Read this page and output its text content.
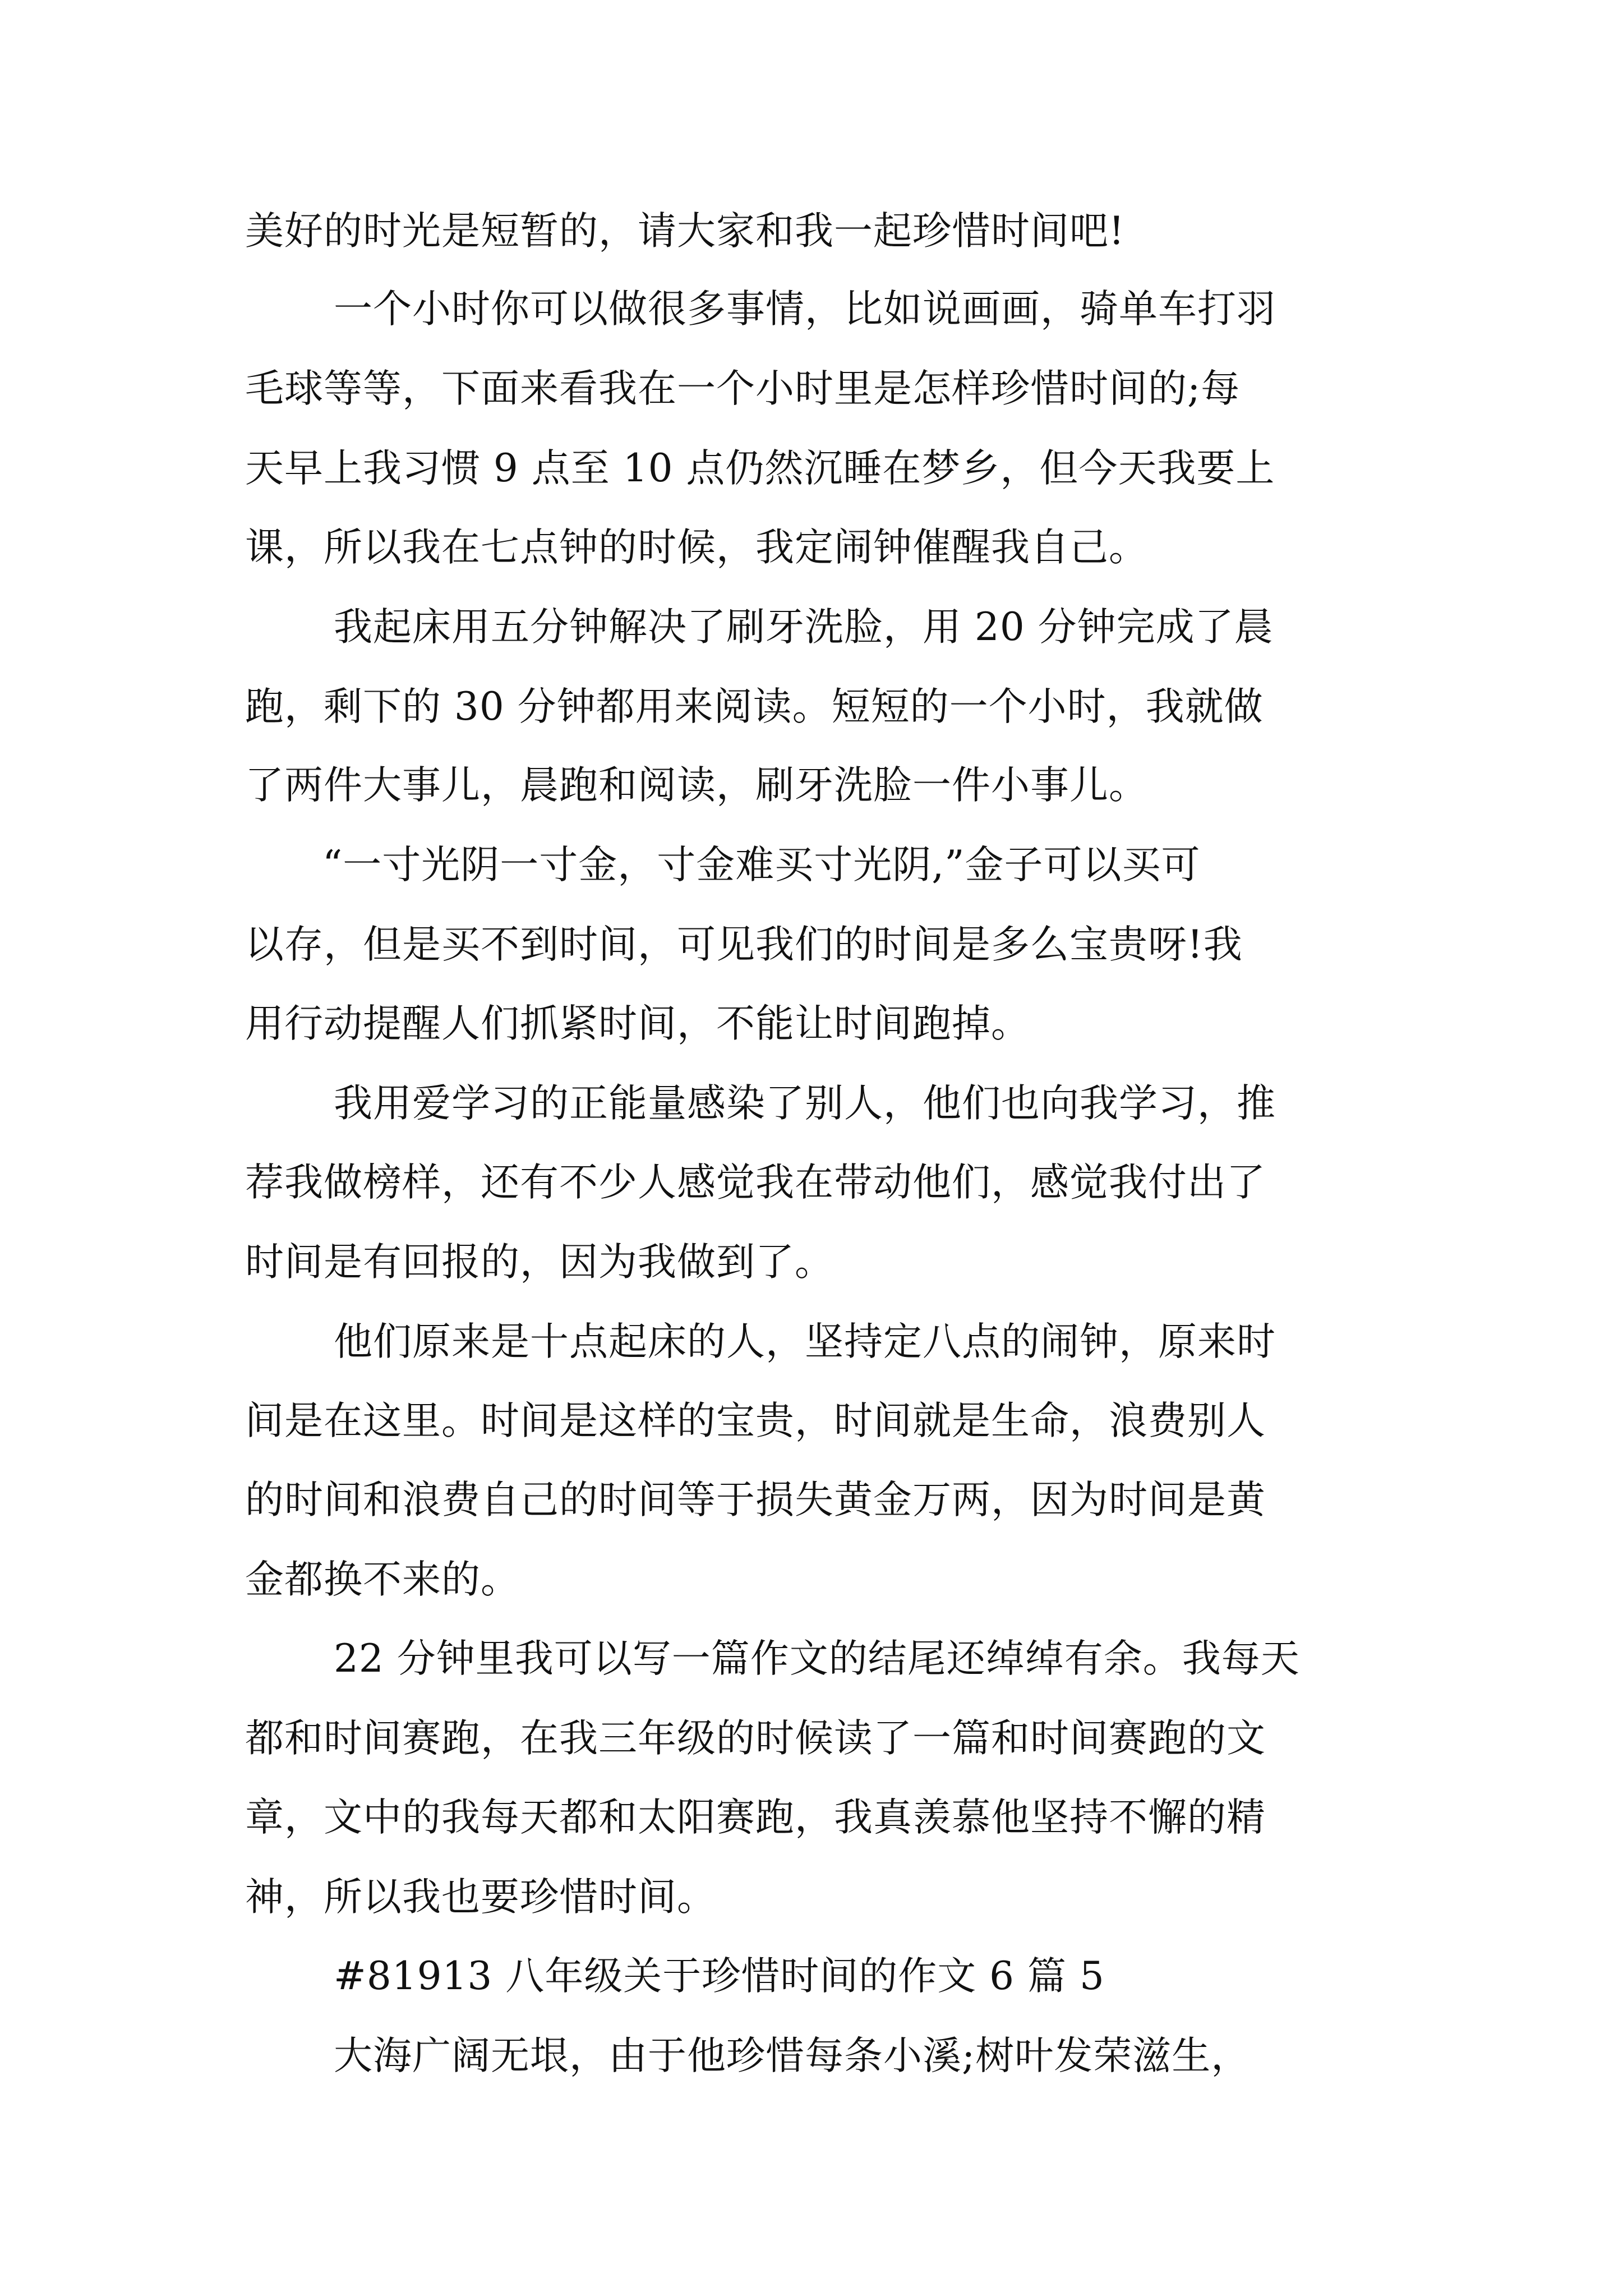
美好的时光是短暂的，请大家和我一起珍惜时间吧!
一个小时你可以做很多事情，比如说画画，骑单车打羽
毛球等等，下面来看我在一个小时里是怎样珍惜时间的;每
天早上我习惯 9 点至 10 点仍然沉睡在梦乡，但今天我要上
课，所以我在七点钟的时候，我定闹钟催醒我自己。
我起床用五分钟解决了刷牙洗脸，用 20 分钟完成了晨
跑，剩下的 30 分钟都用来阅读。短短的一个小时，我就做
了两件大事儿，晨跑和阅读，刷牙洗脸一件小事儿。
“一寸光阴一寸金，寸金难买寸光阴,”金子可以买可
以存，但是买不到时间，可见我们的时间是多么宝贵呀!我
用行动提醒人们抓紧时间，不能让时间跑掉。
我用爱学习的正能量感染了别人，他们也向我学习，推
荐我做榜样，还有不少人感觉我在带动他们，感觉我付出了
时间是有回报的，因为我做到了。
他们原来是十点起床的人，坚持定八点的闹钟，原来时
间是在这里。时间是这样的宝贵，时间就是生命，浪费别人
的时间和浪费自己的时间等于损失黄金万两，因为时间是黄
金都换不来的。
22 分钟里我可以写一篇作文的结尾还绰绰有余。我每天
都和时间赛跑，在我三年级的时候读了一篇和时间赛跑的文
章，文中的我每天都和太阳赛跑，我真羡慕他坚持不懈的精
神，所以我也要珍惜时间。
#81913 八年级关于珍惜时间的作文 6 篇 5
大海广阔无垠，由于他珍惜每条小溪;树叶发荣滋生，
